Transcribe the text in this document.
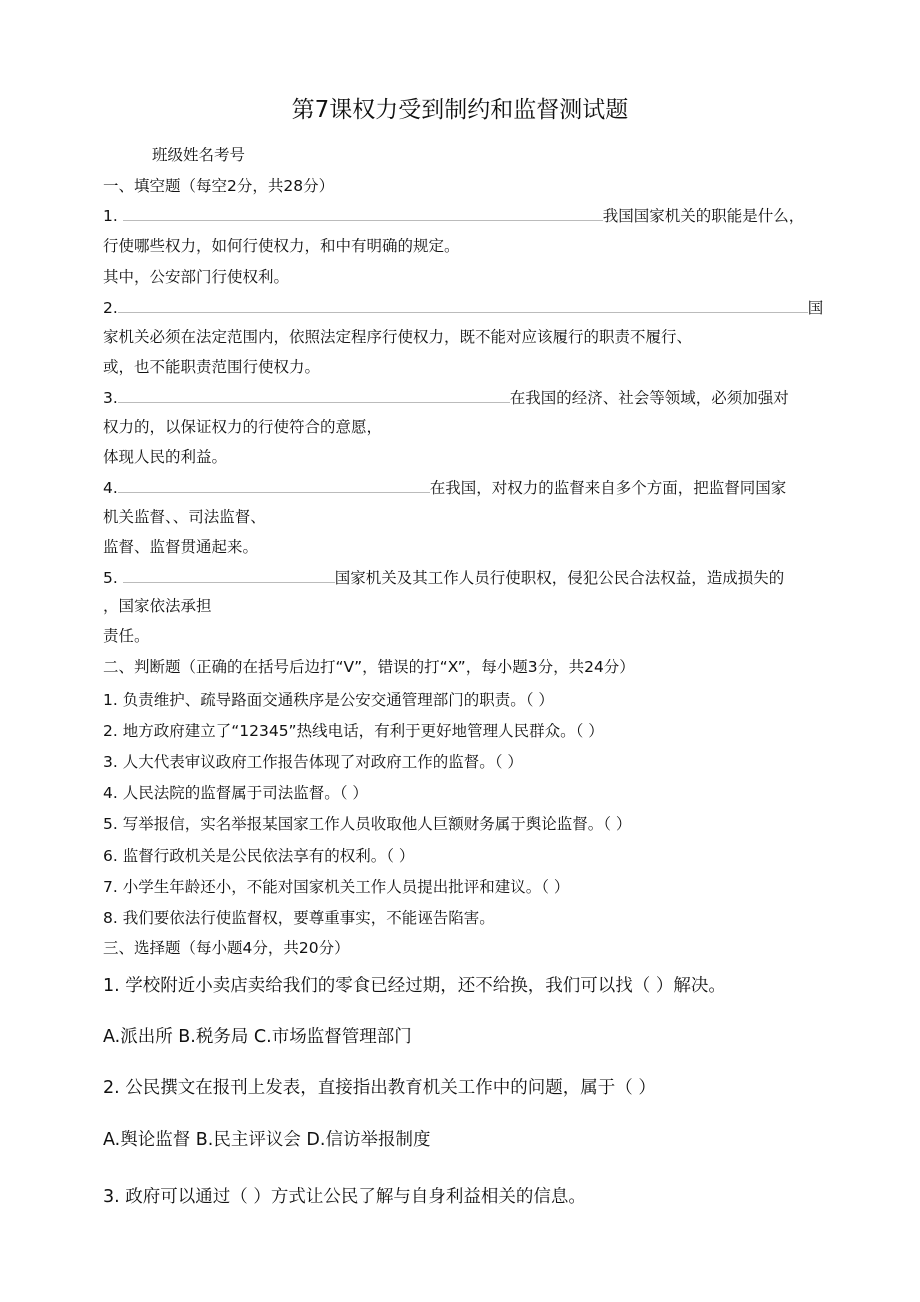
第7课权力受到制约和监督测试题
班级姓名考号
一、填空题（每空2分，共28分）
1.	我国国家机关的职能是什么，
行使哪些权力，如何行使权力，和中有明确的规定。
其中，公安部门行使权利。
2.	国
家机关必须在法定范围内，依照法定程序行使权力，既不能对应该履行的职责不履行、
或，也不能职责范围行使权力。
3.	在我国的经济、社会等领域，必须加强对
权力的，以保证权力的行使符合的意愿，
体现人民的利益。
4.	在我国，对权力的监督来自多个方面，把监督同国家
机关监督、、司法监督、
监督、监督贯通起来。
5.	国家机关及其工作人员行使职权，侵犯公民合法权益，造成损失的
，国家依法承担
责任。
二、判断题（正确的在括号后边打“V”，错误的打“X”，每小题3分，共24分）
1. 负责维护、疏导路面交通秩序是公安交通管理部门的职责。（ ）
2. 地方政府建立了“12345”热线电话，有利于更好地管理人民群众。（ ）
3. 人大代表审议政府工作报告体现了对政府工作的监督。（ ）
4. 人民法院的监督属于司法监督。（ ）
5. 写举报信，实名举报某国家工作人员收取他人巨额财务属于舆论监督。（ ）
6. 监督行政机关是公民依法享有的权利。（ ）
7. 小学生年龄还小，不能对国家机关工作人员提出批评和建议。（ ）
8. 我们要依法行使监督权，要尊重事实，不能诬告陷害。
三、选择题（每小题4分，共20分）
1. 学校附近小卖店卖给我们的零食已经过期，还不给换，我们可以找（ ）解决。
A.派出所 B.税务局 C.市场监督管理部门
2. 公民撰文在报刊上发表，直接指出教育机关工作中的问题，属于（ ）
A.舆论监督 B.民主评议会 D.信访举报制度
3. 政府可以通过（ ）方式让公民了解与自身利益相关的信息。
